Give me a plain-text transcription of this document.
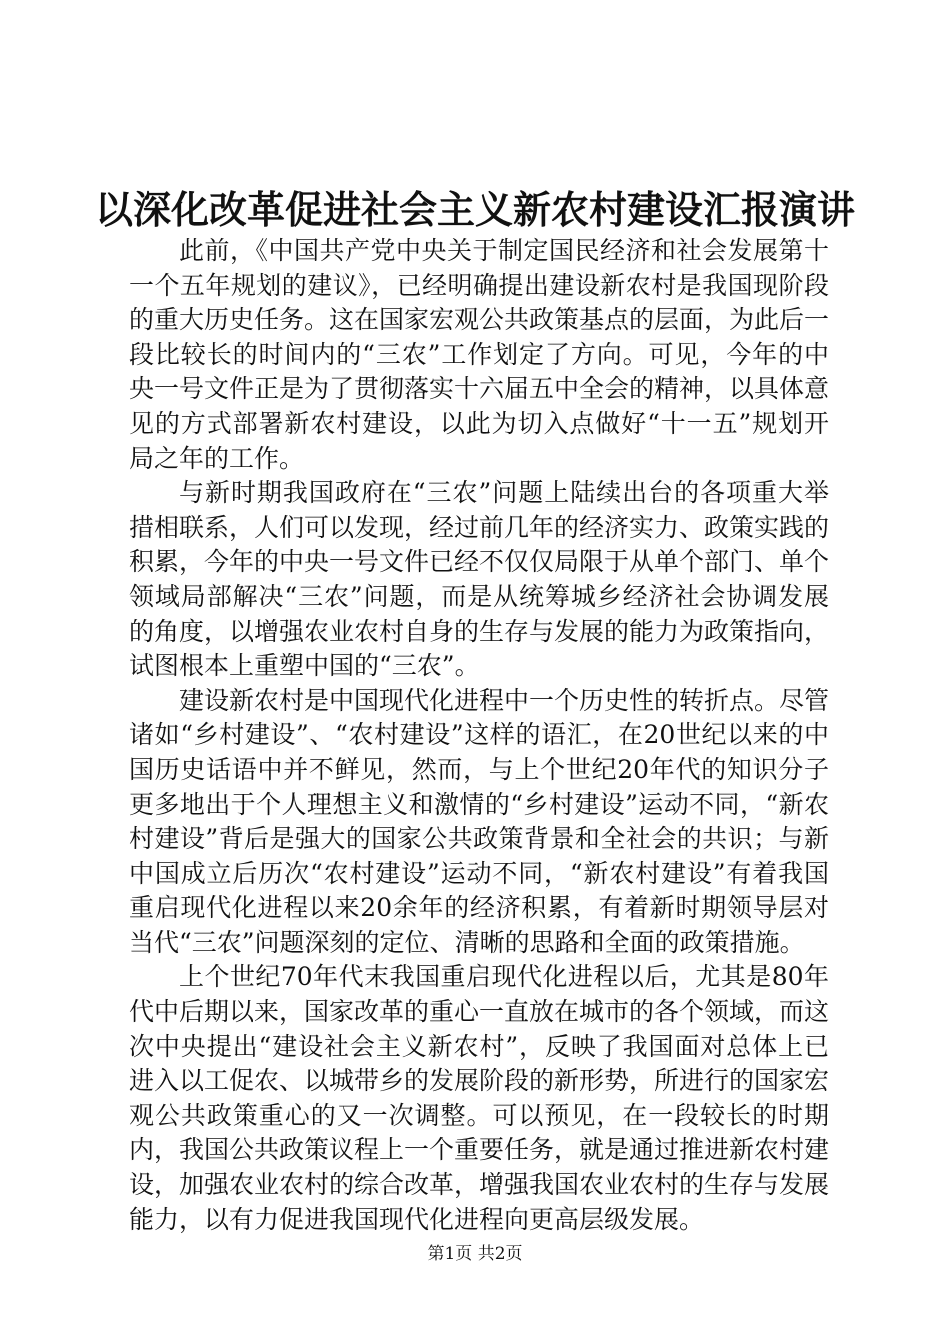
以深化改革促进社会主义新农村建设汇报演讲

此前，《中国共产党中央关于制定国民经济和社会发展第十一个五年规划的建议》，已经明确提出建设新农村是我国现阶段的重大历史任务。这在国家宏观公共政策基点的层面，为此后一段比较长的时间内的“三农”工作划定了方向。可见，今年的中央一号文件正是为了贯彻落实十六届五中全会的精神，以具体意见的方式部署新农村建设，以此为切入点做好“十一五”规划开局之年的工作。

与新时期我国政府在“三农”问题上陆续出台的各项重大举措相联系，人们可以发现，经过前几年的经济实力、政策实践的积累，今年的中央一号文件已经不仅仅局限于从单个部门、单个领域局部解决“三农”问题，而是从统筹城乡经济社会协调发展的角度，以增强农业农村自身的生存与发展的能力为政策指向，试图根本上重塑中国的“三农”。

建设新农村是中国现代化进程中一个历史性的转折点。尽管诸如“乡村建设”、“农村建设”这样的语汇，在20世纪以来的中国历史话语中并不鲜见，然而，与上个世纪20年代的知识分子更多地出于个人理想主义和激情的“乡村建设”运动不同，“新农村建设”背后是强大的国家公共政策背景和全社会的共识；与新中国成立后历次“农村建设”运动不同，“新农村建设”有着我国重启现代化进程以来20余年的经济积累，有着新时期领导层对当代“三农”问题深刻的定位、清晰的思路和全面的政策措施。

上个世纪70年代末我国重启现代化进程以后，尤其是80年代中后期以来，国家改革的重心一直放在城市的各个领域，而这次中央提出“建设社会主义新农村”，反映了我国面对总体上已进入以工促农、以城带乡的发展阶段的新形势，所进行的国家宏观公共政策重心的又一次调整。可以预见，在一段较长的时期内，我国公共政策议程上一个重要任务，就是通过推进新农村建设，加强农业农村的综合改革，增强我国农业农村的生存与发展能力，以有力促进我国现代化进程向更高层级发展。

第1页 共2页
